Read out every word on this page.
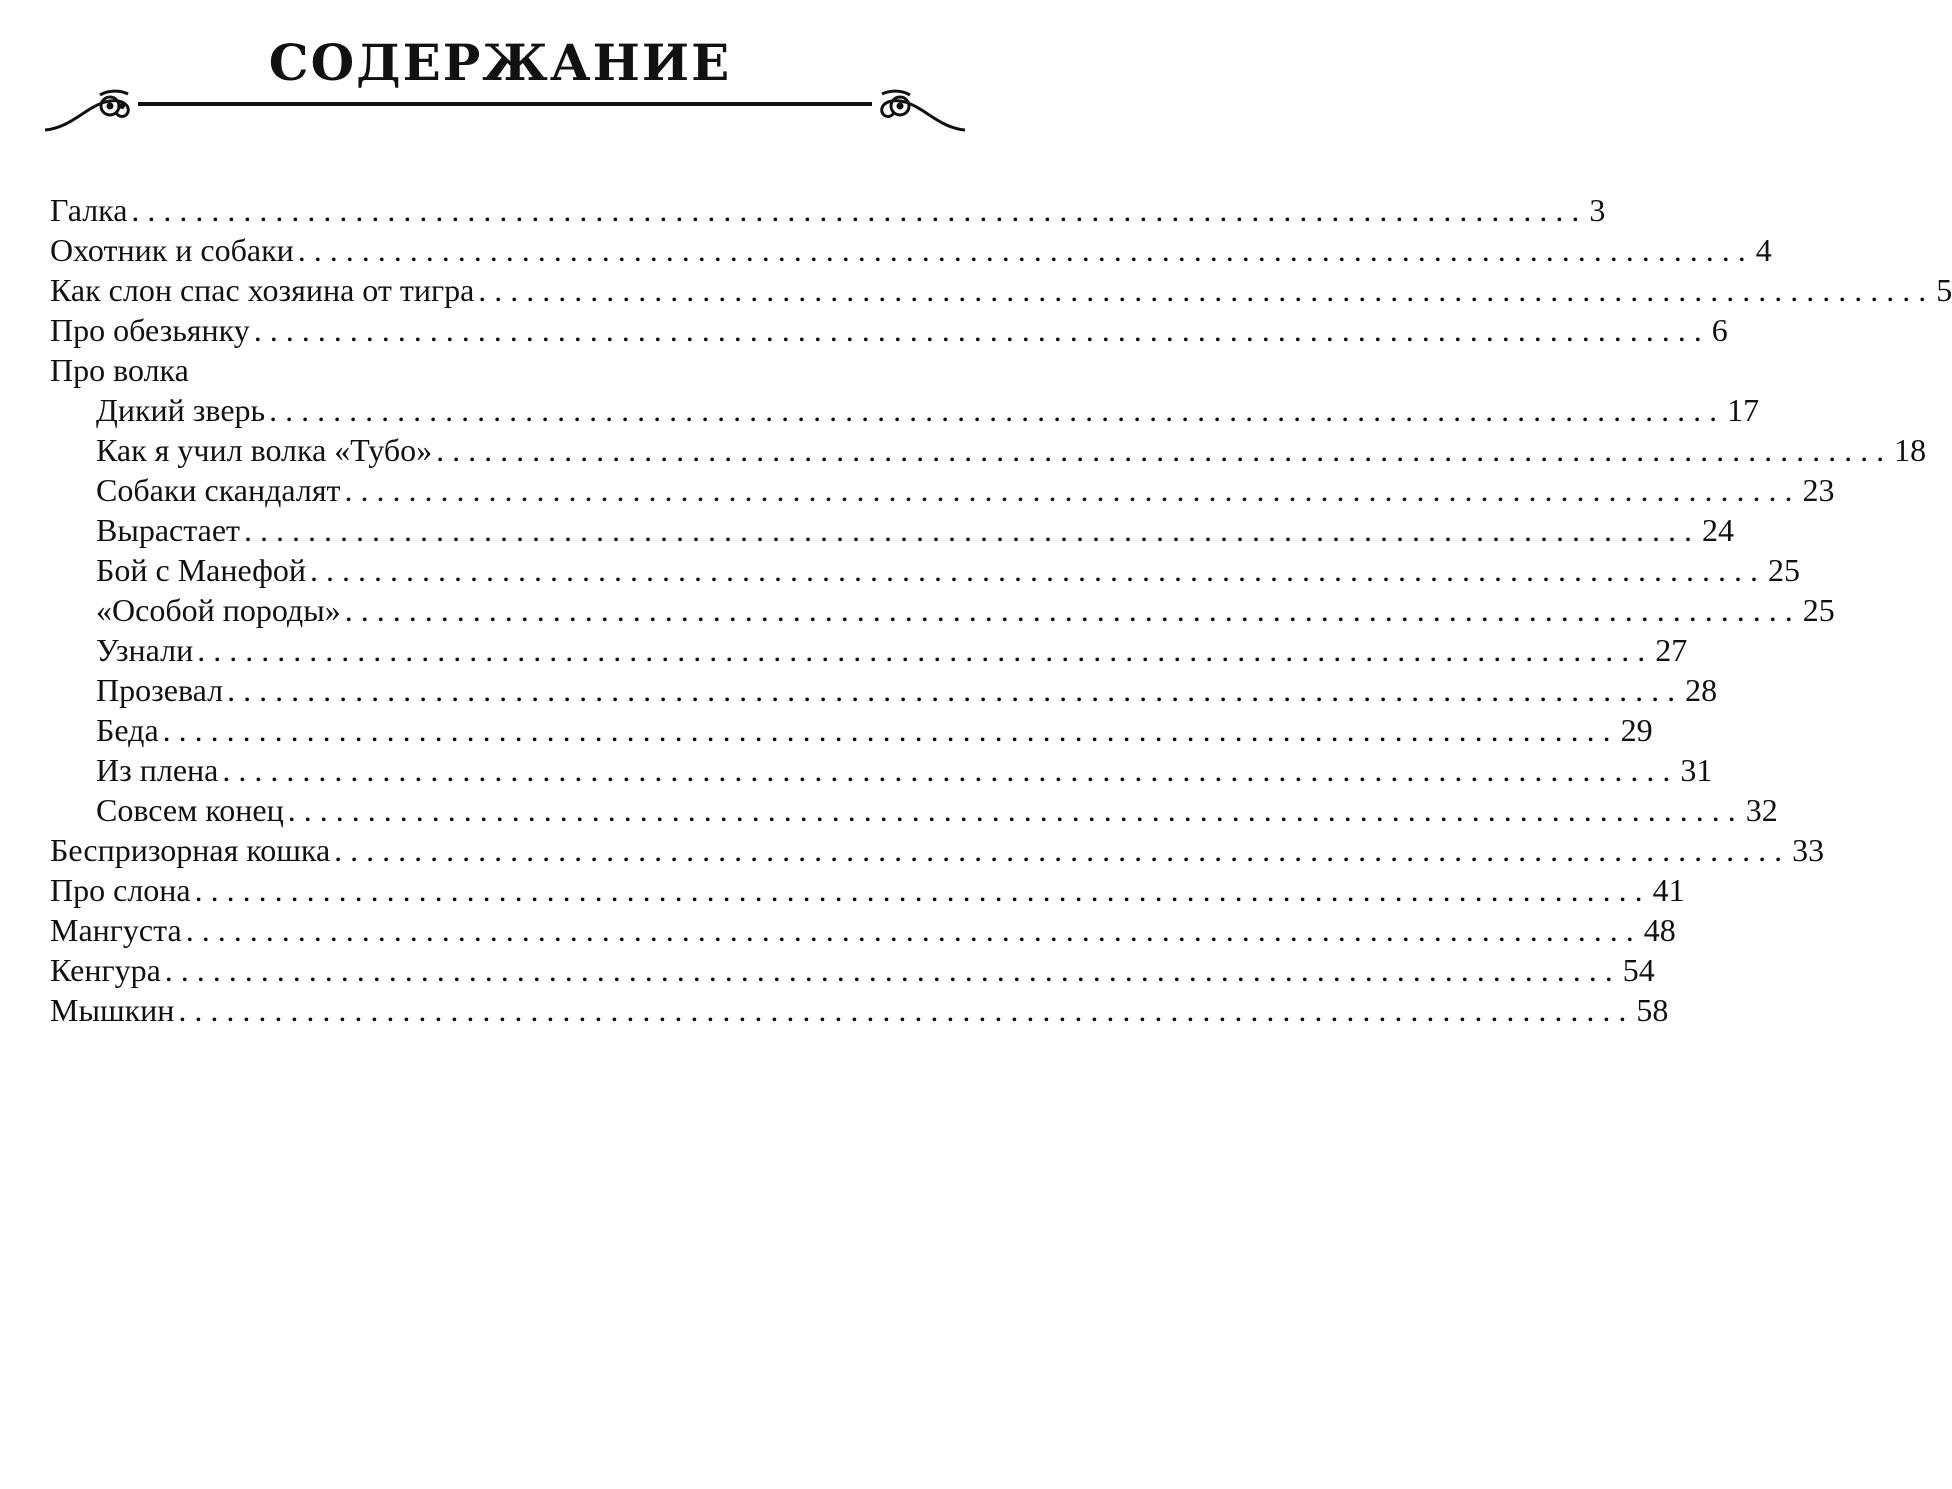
СОДЕРЖАНИЕ
Галка ........................................................................................... 3
Охотник и собаки ........................................................................................... 4
Как слон спас хозяина от тигра ........................................................................................... 5
Про обезьянку ........................................................................................... 6
Про волка
Дикий зверь ........................................................................................... 17
Как я учил волка «Тубо» ........................................................................................... 18
Собаки скандалят ........................................................................................... 23
Вырастает ........................................................................................... 24
Бой с Манефой ........................................................................................... 25
«Особой породы» ........................................................................................... 25
Узнали ........................................................................................... 27
Прозевал ........................................................................................... 28
Беда ........................................................................................... 29
Из плена ........................................................................................... 31
Совсем конец ........................................................................................... 32
Беспризорная кошка ........................................................................................... 33
Про слона ........................................................................................... 41
Мангуста ........................................................................................... 48
Кенгура ........................................................................................... 54
Мышкин ........................................................................................... 58
